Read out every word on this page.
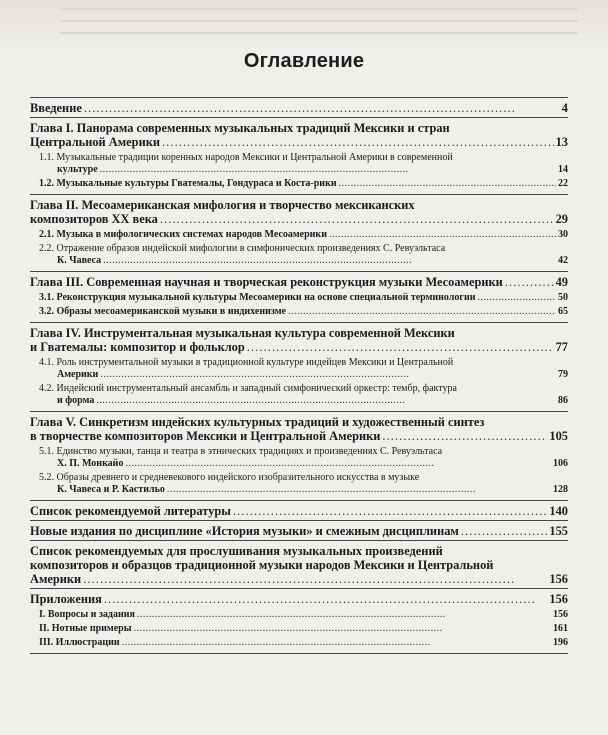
Оглавление
Введение . . .	4
Глава I. Панорама современных музыкальных традиций Мексики и стран
Центральной Америки . . .	13
1.1. Музыкальные традиции коренных народов Мексики и Центральной Америки в современной
культуре . . .	14
1.2. Музыкальные культуры Гватемалы, Гондураса и Коста-рики . . .	22
Глава II. Месоамериканская мифология и творчество мексиканских
композиторов XX века . . .	29
2.1. Музыка в мифологических системах народов Месоамерики . . .	30
2.2. Отражение образов индейской мифологии в симфонических произведениях С. Ревуэльтаса
К. Чавеса . . .	42
Глава III. Современная научная и творческая реконструкция музыки Месоамерики . . .	49
3.1. Реконструкция музыкальной культуры Месоамерики на основе специальной терминологии . . .	50
3.2. Образы месоамериканской музыки в индихенизме . . .	65
Глава IV. Инструментальная музыкальная культура современной Мексики
и Гватемалы: композитор и фольклор . . .	77
4.1. Роль инструментальной музыки в традиционной культуре индейцев Мексики и Центральной
Америки . . .	79
4.2. Индейский инструментальный ансамбль и западный симфонический оркестр: тембр, фактура
и форма . . .	86
Глава V. Синкретизм индейских культурных традиций и художественный синтез
в творчестве композиторов Мексики и Центральной Америки . . .	105
5.1. Единство музыки, танца и театра в этнических традициях и произведениях С. Ревуэльтаса
Х. П. Монкайо . . .	106
5.2. Образы древнего и средневекового индейского изобразительного искусства в музыке
К. Чавеса и Р. Кастильо . . .	128
Список рекомендуемой литературы . . .	140
Новые издания по дисциплине «История музыки» и смежным дисциплинам . . .	155
Список рекомендуемых для прослушивания музыкальных произведений
композиторов и образцов традиционной музыки народов Мексики и Центральной
Америки . . .	156
Приложения . . .	156
I. Вопросы и задания . . .	156
II. Нотные примеры . . .	161
III. Иллюстрации . . .	196
